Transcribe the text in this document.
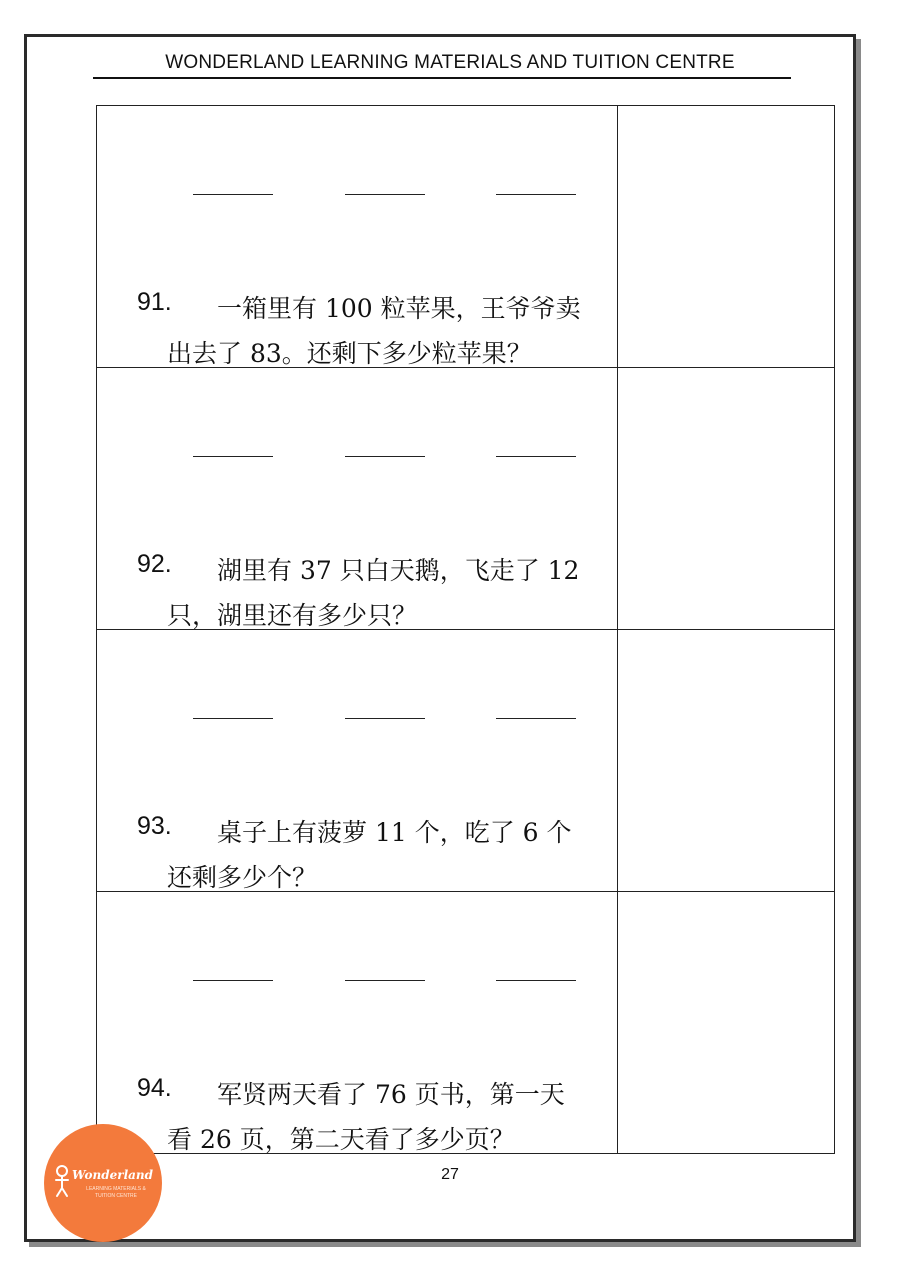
WONDERLAND LEARNING MATERIALS AND TUITION CENTRE
91.	一箱里有 100 粒苹果，王爷爷卖
出去了 83。还剩下多少粒苹果？
92.	湖里有 37 只白天鹅，飞走了 12
只，湖里还有多少只？
93.	桌子上有菠萝 11 个，吃了 6 个
还剩多少个？
94.	军贤两天看了 76 页书，第一天
看 26 页，第二天看了多少页？
27
Wonderland
LEARNING MATERIALS &
TUITION CENTRE
